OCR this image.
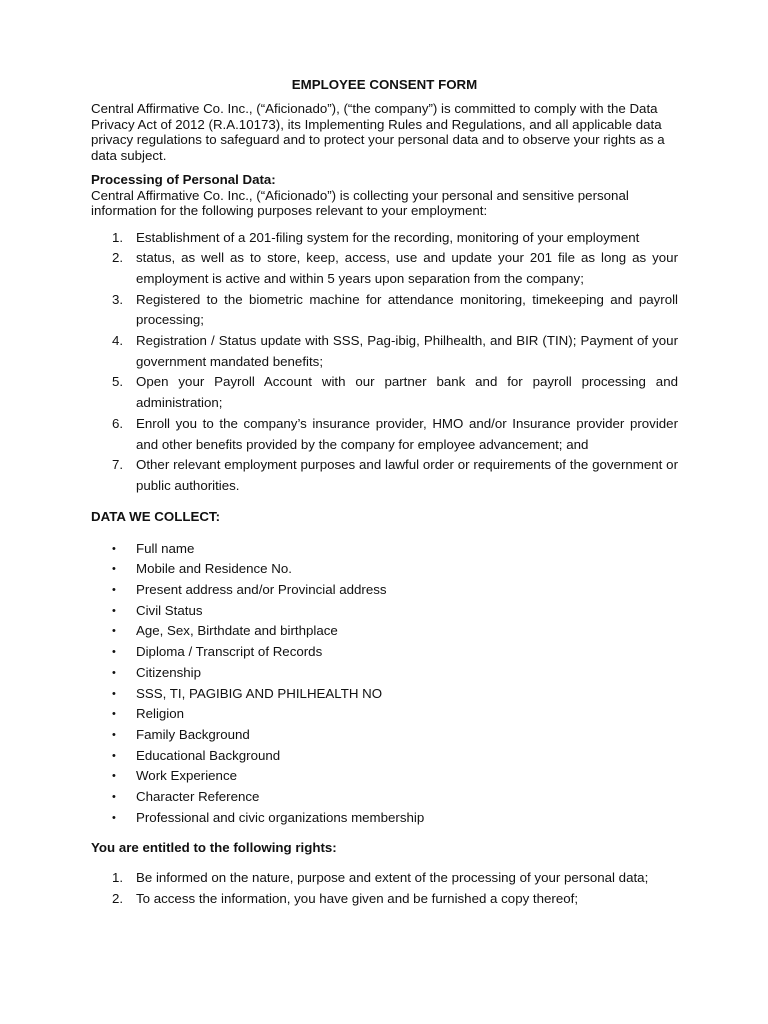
EMPLOYEE CONSENT FORM

Central Affirmative Co. Inc., (“Aficionado”), (“the company”) is committed to comply with the Data Privacy Act of 2012 (R.A.10173), its Implementing Rules and Regulations, and all applicable data privacy regulations to safeguard and to protect your personal data and to observe your rights as a data subject.

Processing of Personal Data:

Central Affirmative Co. Inc., (“Aficionado”) is collecting your personal and sensitive personal information for the following purposes relevant to your employment:

1. Establishment of a 201-filing system for the recording, monitoring of your employment
2. status, as well as to store, keep, access, use and update your 201 file as long as your employment is active and within 5 years upon separation from the company;
3. Registered to the biometric machine for attendance monitoring, timekeeping and payroll processing;
4. Registration / Status update with SSS, Pag-ibig, Philhealth, and BIR (TIN); Payment of your government mandated benefits;
5. Open your Payroll Account with our partner bank and for payroll processing and administration;
6. Enroll you to the company’s insurance provider, HMO and/or Insurance provider provider and other benefits provided by the company for employee advancement; and
7. Other relevant employment purposes and lawful order or requirements of the government or public authorities.
DATA WE COLLECT:
• Full name
• Mobile and Residence No.
• Present address and/or Provincial address
• Civil Status
• Age, Sex, Birthdate and birthplace
• Diploma / Transcript of Records
• Citizenship
• SSS, TI, PAGIBIG AND PHILHEALTH NO
• Religion
• Family Background
• Educational Background
• Work Experience
• Character Reference
• Professional and civic organizations membership
You are entitled to the following rights:
1. Be informed on the nature, purpose and extent of the processing of your personal data;
2. To access the information, you have given and be furnished a copy thereof;
